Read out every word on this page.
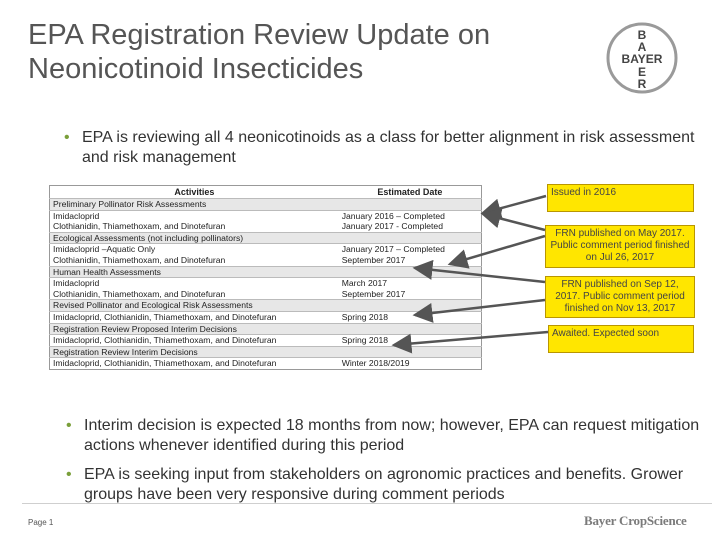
EPA Registration Review Update on
Neonicotinoid Insecticides
B
A
BAYER
E
R
• EPA is reviewing all 4 neonicotinoids as a class for better alignment in risk assessment and risk management
Activities	Estimated Date
Preliminary Pollinator Risk Assessments	
Imidacloprid	January 2016 – Completed
Clothianidin, Thiamethoxam, and Dinotefuran	January 2017 - Completed
Ecological Assessments (not including pollinators)	
Imidacloprid –Aquatic Only	January 2017 – Completed
Clothianidin, Thiamethoxam, and Dinotefuran	September 2017
Human Health Assessments	
Imidacloprid	March 2017
Clothianidin, Thiamethoxam, and Dinotefuran	September 2017
Revised Pollinator and Ecological Risk Assessments	
Imidacloprid, Clothianidin, Thiamethoxam, and Dinotefuran	Spring 2018
Registration Review Proposed Interim Decisions	
Imidacloprid, Clothianidin, Thiamethoxam, and Dinotefuran	Spring 2018
Registration Review Interim Decisions	
Imidacloprid, Clothianidin, Thiamethoxam, and Dinotefuran	Winter 2018/2019
Issued in 2016
FRN published on May 2017. Public comment period finished on Jul 26, 2017
FRN published on Sep 12, 2017. Public comment period finished on Nov 13, 2017
Awaited. Expected soon
• Interim decision is expected 18 months from now; however, EPA can request mitigation actions whenever identified during this period
• EPA is seeking input from stakeholders on agronomic practices and benefits. Grower groups have been very responsive during comment periods
Page 1	Bayer CropScience
